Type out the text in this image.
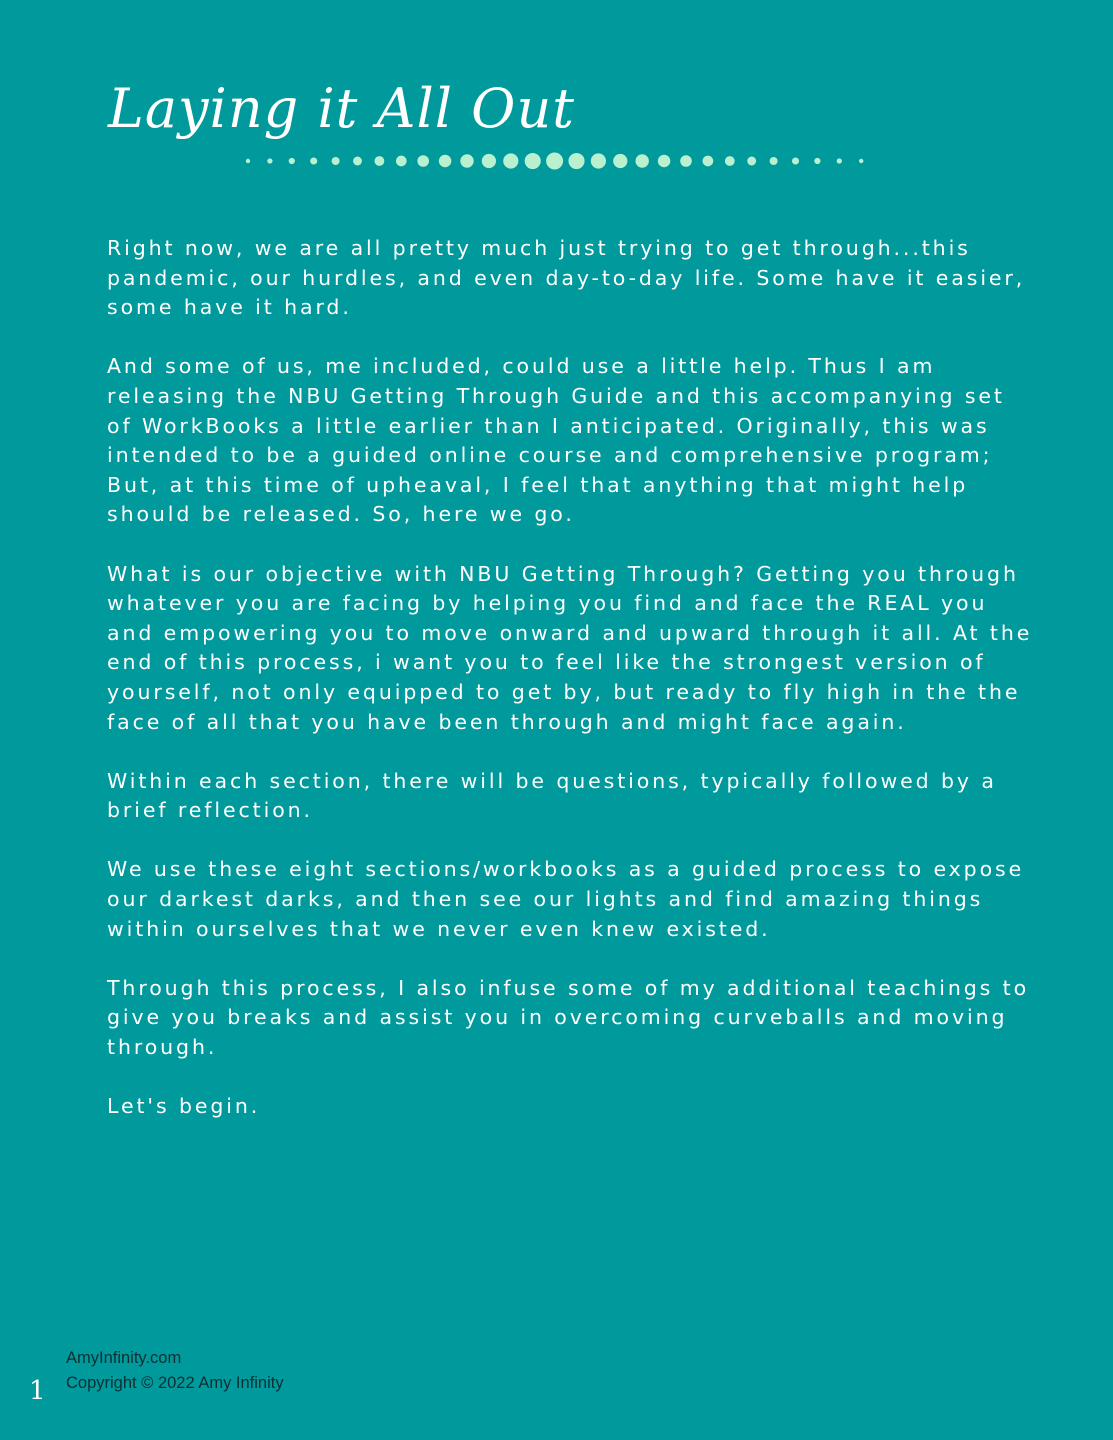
Laying it All Out

Right now, we are all pretty much just trying to get through...this pandemic, our hurdles, and even day-to-day life. Some have it easier, some have it hard.

And some of us, me included, could use a little help. Thus I am releasing the NBU Getting Through Guide and this accompanying set of WorkBooks a little earlier than I anticipated. Originally, this was intended to be a guided online course and comprehensive program; But, at this time of upheaval, I feel that anything that might help should be released. So, here we go.

What is our objective with NBU Getting Through? Getting you through whatever you are facing by helping you find and face the REAL you and empowering you to move onward and upward through it all. At the end of this process, i want you to feel like the strongest version of yourself, not only equipped to get by, but ready to fly high in the the face of all that you have been through and might face again.

Within each section, there will be questions, typically followed by a brief reflection.

We use these eight sections/workbooks as a guided process to expose our darkest darks, and then see our lights and find amazing things within ourselves that we never even knew existed.

Through this process, I also infuse some of my additional teachings to give you breaks and assist you in overcoming curveballs and moving through.

Let's begin.

AmyInfinity.com
Copyright © 2022 Amy Infinity
1
